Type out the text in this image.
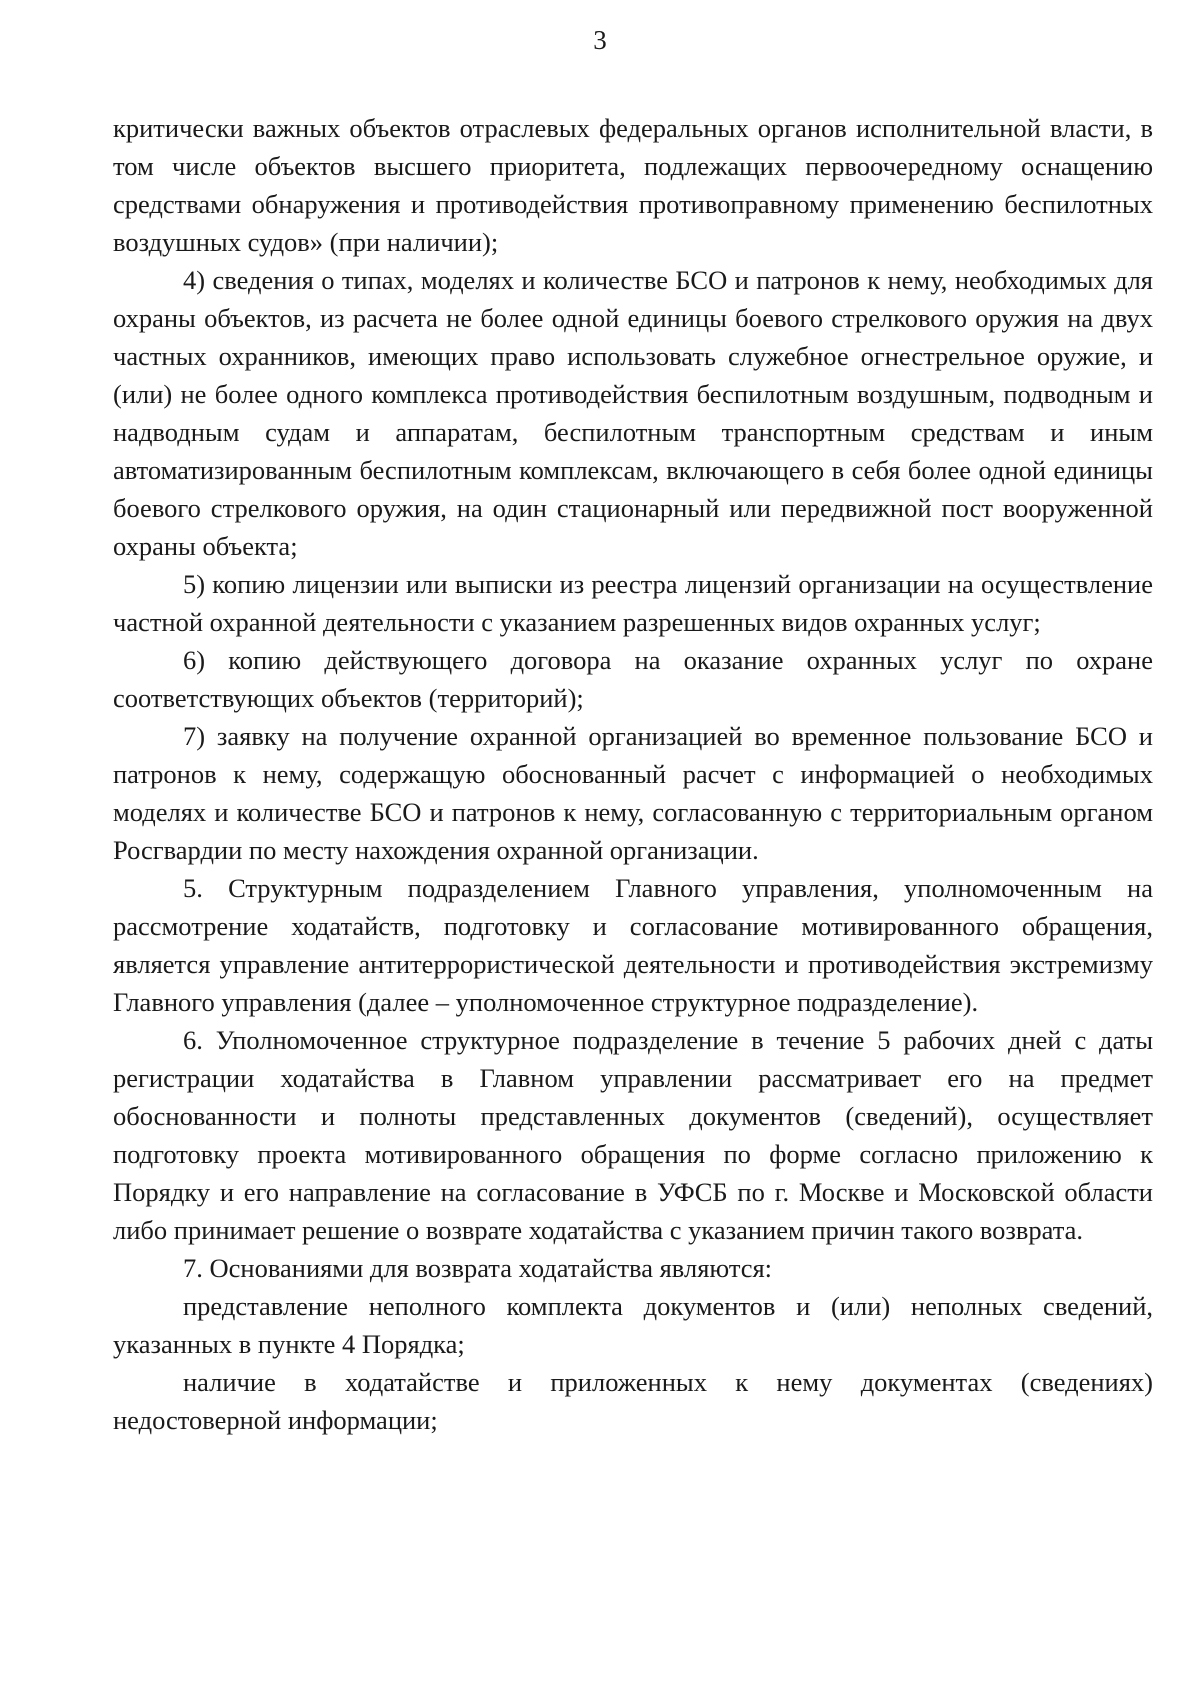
3

критически важных объектов отраслевых федеральных органов исполнительной власти, в том числе объектов высшего приоритета, подлежащих первоочередному оснащению средствами обнаружения и противодействия противоправному применению беспилотных воздушных судов» (при наличии);

4) сведения о типах, моделях и количестве БСО и патронов к нему, необходимых для охраны объектов, из расчета не более одной единицы боевого стрелкового оружия на двух частных охранников, имеющих право использовать служебное огнестрельное оружие, и (или) не более одного комплекса противодействия беспилотным воздушным, подводным и надводным судам и аппаратам, беспилотным транспортным средствам и иным автоматизированным беспилотным комплексам, включающего в себя более одной единицы боевого стрелкового оружия, на один стационарный или передвижной пост вооруженной охраны объекта;

5) копию лицензии или выписки из реестра лицензий организации на осуществление частной охранной деятельности с указанием разрешенных видов охранных услуг;

6) копию действующего договора на оказание охранных услуг по охране соответствующих объектов (территорий);

7) заявку на получение охранной организацией во временное пользование БСО и патронов к нему, содержащую обоснованный расчет с информацией о необходимых моделях и количестве БСО и патронов к нему, согласованную с территориальным органом Росгвардии по месту нахождения охранной организации.

5. Структурным подразделением Главного управления, уполномоченным на рассмотрение ходатайств, подготовку и согласование мотивированного обращения, является управление антитеррористической деятельности и противодействия экстремизму Главного управления (далее – уполномоченное структурное подразделение).

6. Уполномоченное структурное подразделение в течение 5 рабочих дней с даты регистрации ходатайства в Главном управлении рассматривает его на предмет обоснованности и полноты представленных документов (сведений), осуществляет подготовку проекта мотивированного обращения по форме согласно приложению к Порядку и его направление на согласование в УФСБ по г. Москве и Московской области либо принимает решение о возврате ходатайства с указанием причин такого возврата.

7. Основаниями для возврата ходатайства являются:

представление неполного комплекта документов и (или) неполных сведений, указанных в пункте 4 Порядка;

наличие в ходатайстве и приложенных к нему документах (сведениях) недостоверной информации;
